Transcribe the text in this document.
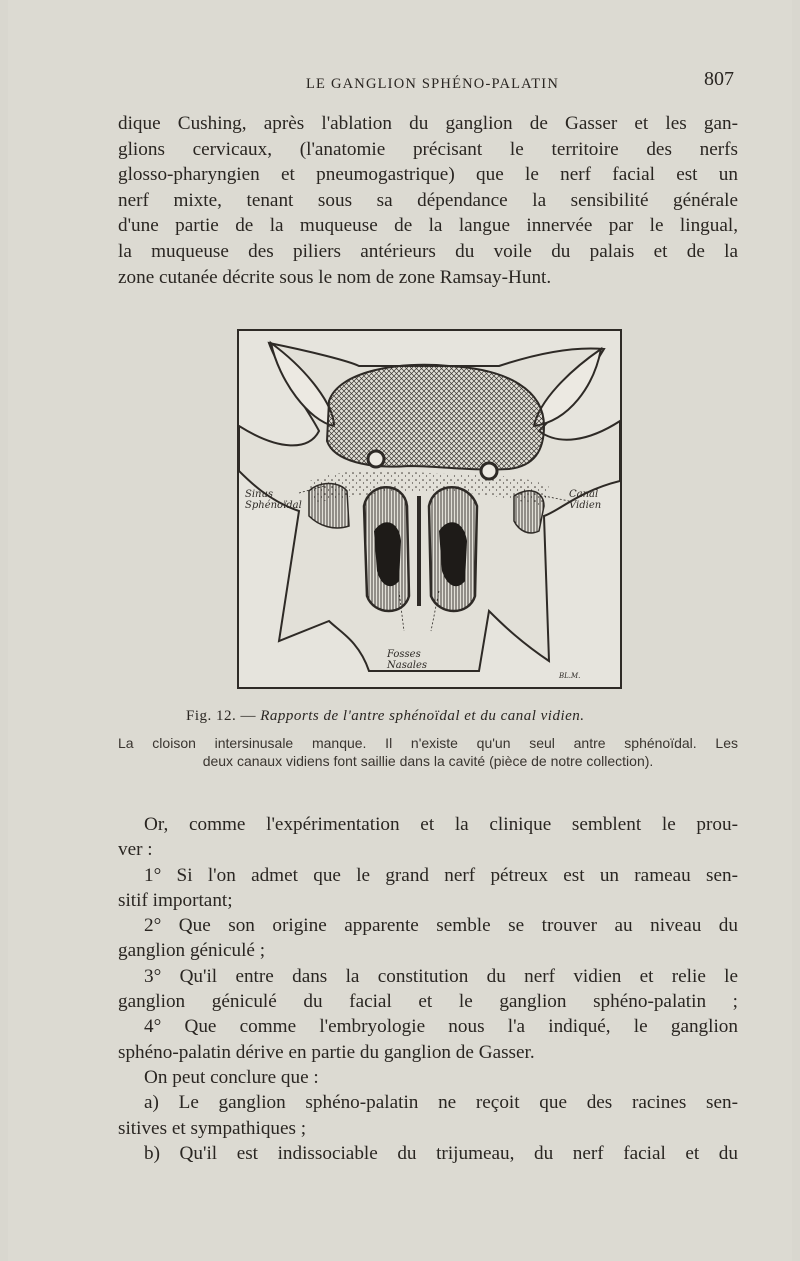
LE GANGLION SPHÉNO-PALATIN	807
dique Cushing, après l'ablation du ganglion de Gasser et les gan-
glions cervicaux, (l'anatomie précisant le territoire des nerfs
glosso-pharyngien et pneumogastrique) que le nerf facial est un
nerf mixte, tenant sous sa dépendance la sensibilité générale
d'une partie de la muqueuse de la langue innervée par le lingual,
la muqueuse des piliers antérieurs du voile du palais et de la
zone cutanée décrite sous le nom de zone Ramsay-Hunt.
Sinus
Sphénoïdal
Canal
Vidien
Fosses
Nasales
BL.M.
Fig. 12. — Rapports de l'antre sphénoïdal et du canal vidien.
La cloison intersinusale manque. Il n'existe qu'un seul antre sphénoïdal. Les
deux canaux vidiens font saillie dans la cavité (pièce de notre collection).
Or, comme l'expérimentation et la clinique semblent le prou-
ver :
1° Si l'on admet que le grand nerf pétreux est un rameau sen-
sitif important;
2° Que son origine apparente semble se trouver au niveau du
ganglion géniculé ;
3° Qu'il entre dans la constitution du nerf vidien et relie le
ganglion géniculé du facial et le ganglion sphéno-palatin ;
4° Que comme l'embryologie nous l'a indiqué, le ganglion
sphéno-palatin dérive en partie du ganglion de Gasser.
On peut conclure que :
a) Le ganglion sphéno-palatin ne reçoit que des racines sen-
sitives et sympathiques ;
b) Qu'il est indissociable du trijumeau, du nerf facial et du
